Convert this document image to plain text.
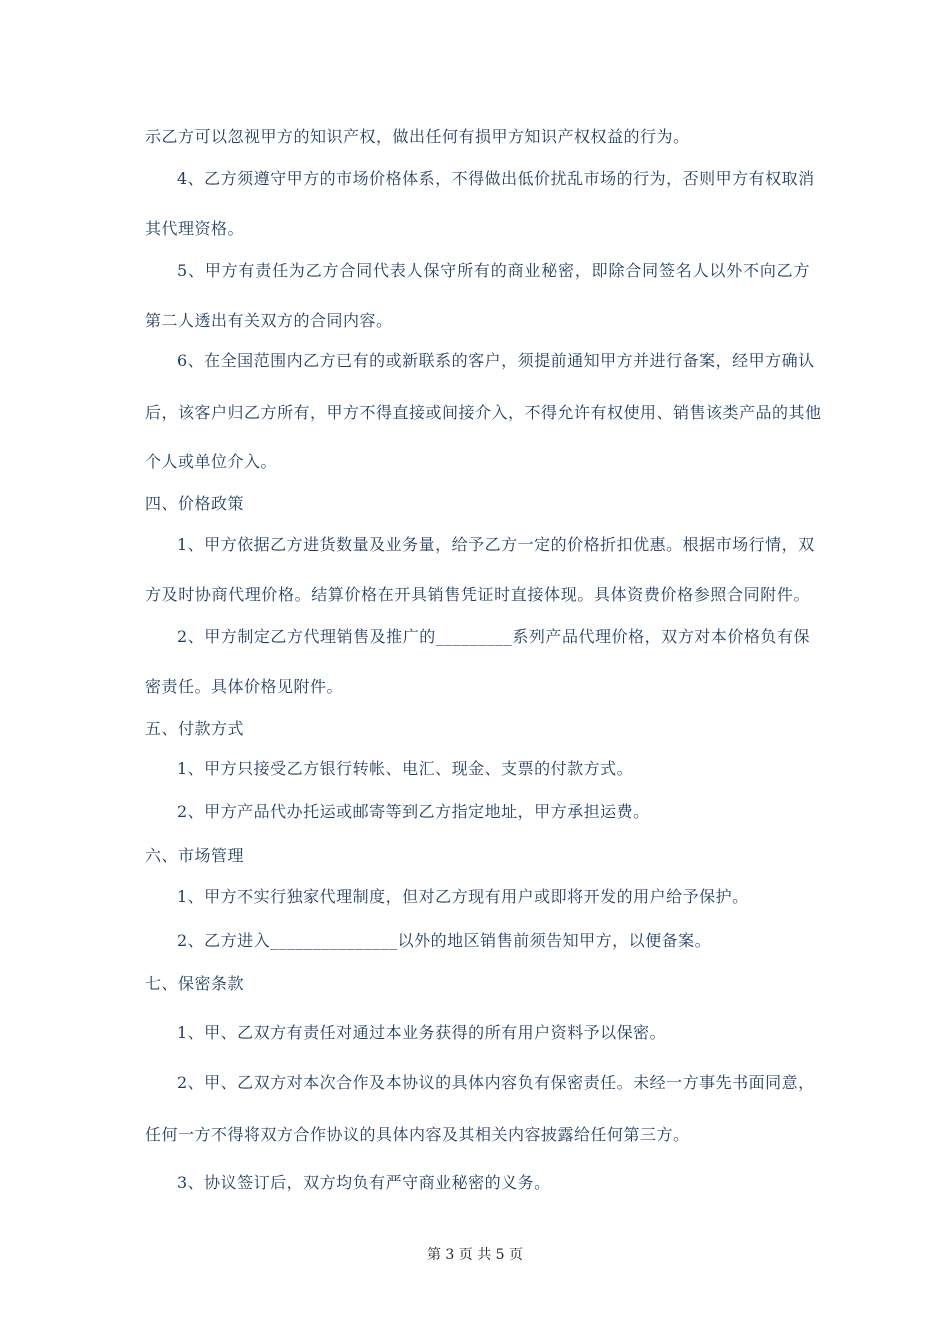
示乙方可以忽视甲方的知识产权，做出任何有损甲方知识产权权益的行为。
4、乙方须遵守甲方的市场价格体系，不得做出低价扰乱市场的行为，否则甲方有权取消
其代理资格。
5、甲方有责任为乙方合同代表人保守所有的商业秘密，即除合同签名人以外不向乙方
第二人透出有关双方的合同内容。
6、在全国范围内乙方已有的或新联系的客户，须提前通知甲方并进行备案，经甲方确认
后，该客户归乙方所有，甲方不得直接或间接介入，不得允许有权使用、销售该类产品的其他
个人或单位介入。
四、价格政策
1、甲方依据乙方进货数量及业务量，给予乙方一定的价格折扣优惠。根据市场行情，双
方及时协商代理价格。结算价格在开具销售凭证时直接体现。具体资费价格参照合同附件。
2、甲方制定乙方代理销售及推广的_________系列产品代理价格，双方对本价格负有保
密责任。具体价格见附件。
五、付款方式
1、甲方只接受乙方银行转帐、电汇、现金、支票的付款方式。
2、甲方产品代办托运或邮寄等到乙方指定地址，甲方承担运费。
六、市场管理
1、甲方不实行独家代理制度，但对乙方现有用户或即将开发的用户给予保护。
2、乙方进入_______________以外的地区销售前须告知甲方，以便备案。
七、保密条款
1、甲、乙双方有责任对通过本业务获得的所有用户资料予以保密。
2、甲、乙双方对本次合作及本协议的具体内容负有保密责任。未经一方事先书面同意，
任何一方不得将双方合作协议的具体内容及其相关内容披露给任何第三方。
3、协议签订后，双方均负有严守商业秘密的义务。
第 3 页 共 5 页
